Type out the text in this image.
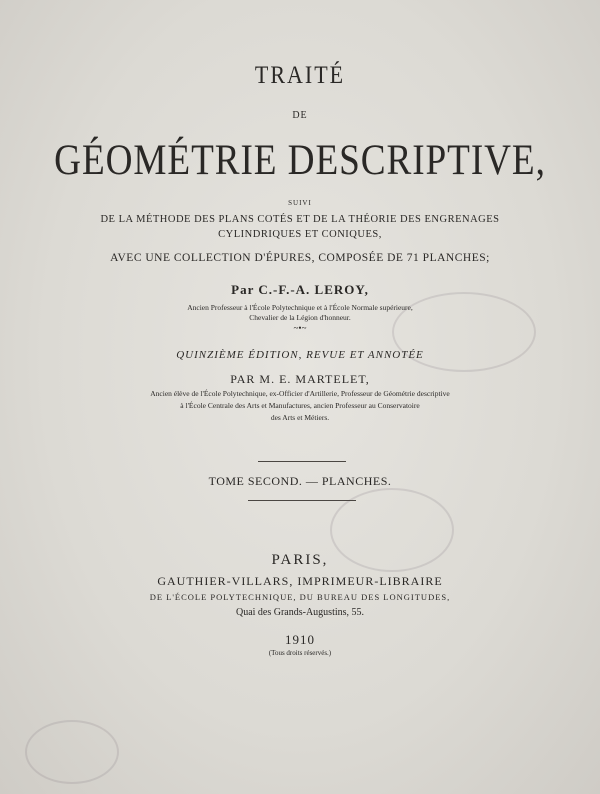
TRAITÉ
DE
GÉOMÉTRIE DESCRIPTIVE,
SUIVI
DE LA MÉTHODE DES PLANS COTÉS ET DE LA THÉORIE DES ENGRENAGES
CYLINDRIQUES ET CONIQUES,
AVEC UNE COLLECTION D'ÉPURES, COMPOSÉE DE 71 PLANCHES;
Par C.-F.-A. LEROY,
Ancien Professeur à l'École Polytechnique et à l'École Normale supérieure,
Chevalier de la Légion d'honneur.
~•~
QUINZIÈME ÉDITION, REVUE ET ANNOTÉE
PAR M. E. MARTELET,
Ancien élève de l'École Polytechnique, ex-Officier d'Artillerie, Professeur de Géométrie descriptive
à l'École Centrale des Arts et Manufactures, ancien Professeur au Conservatoire
des Arts et Métiers.
TOME SECOND. — PLANCHES.
PARIS,
GAUTHIER-VILLARS, IMPRIMEUR-LIBRAIRE
DE L'ÉCOLE POLYTECHNIQUE, DU BUREAU DES LONGITUDES,
Quai des Grands-Augustins, 55.
1910
(Tous droits réservés.)
